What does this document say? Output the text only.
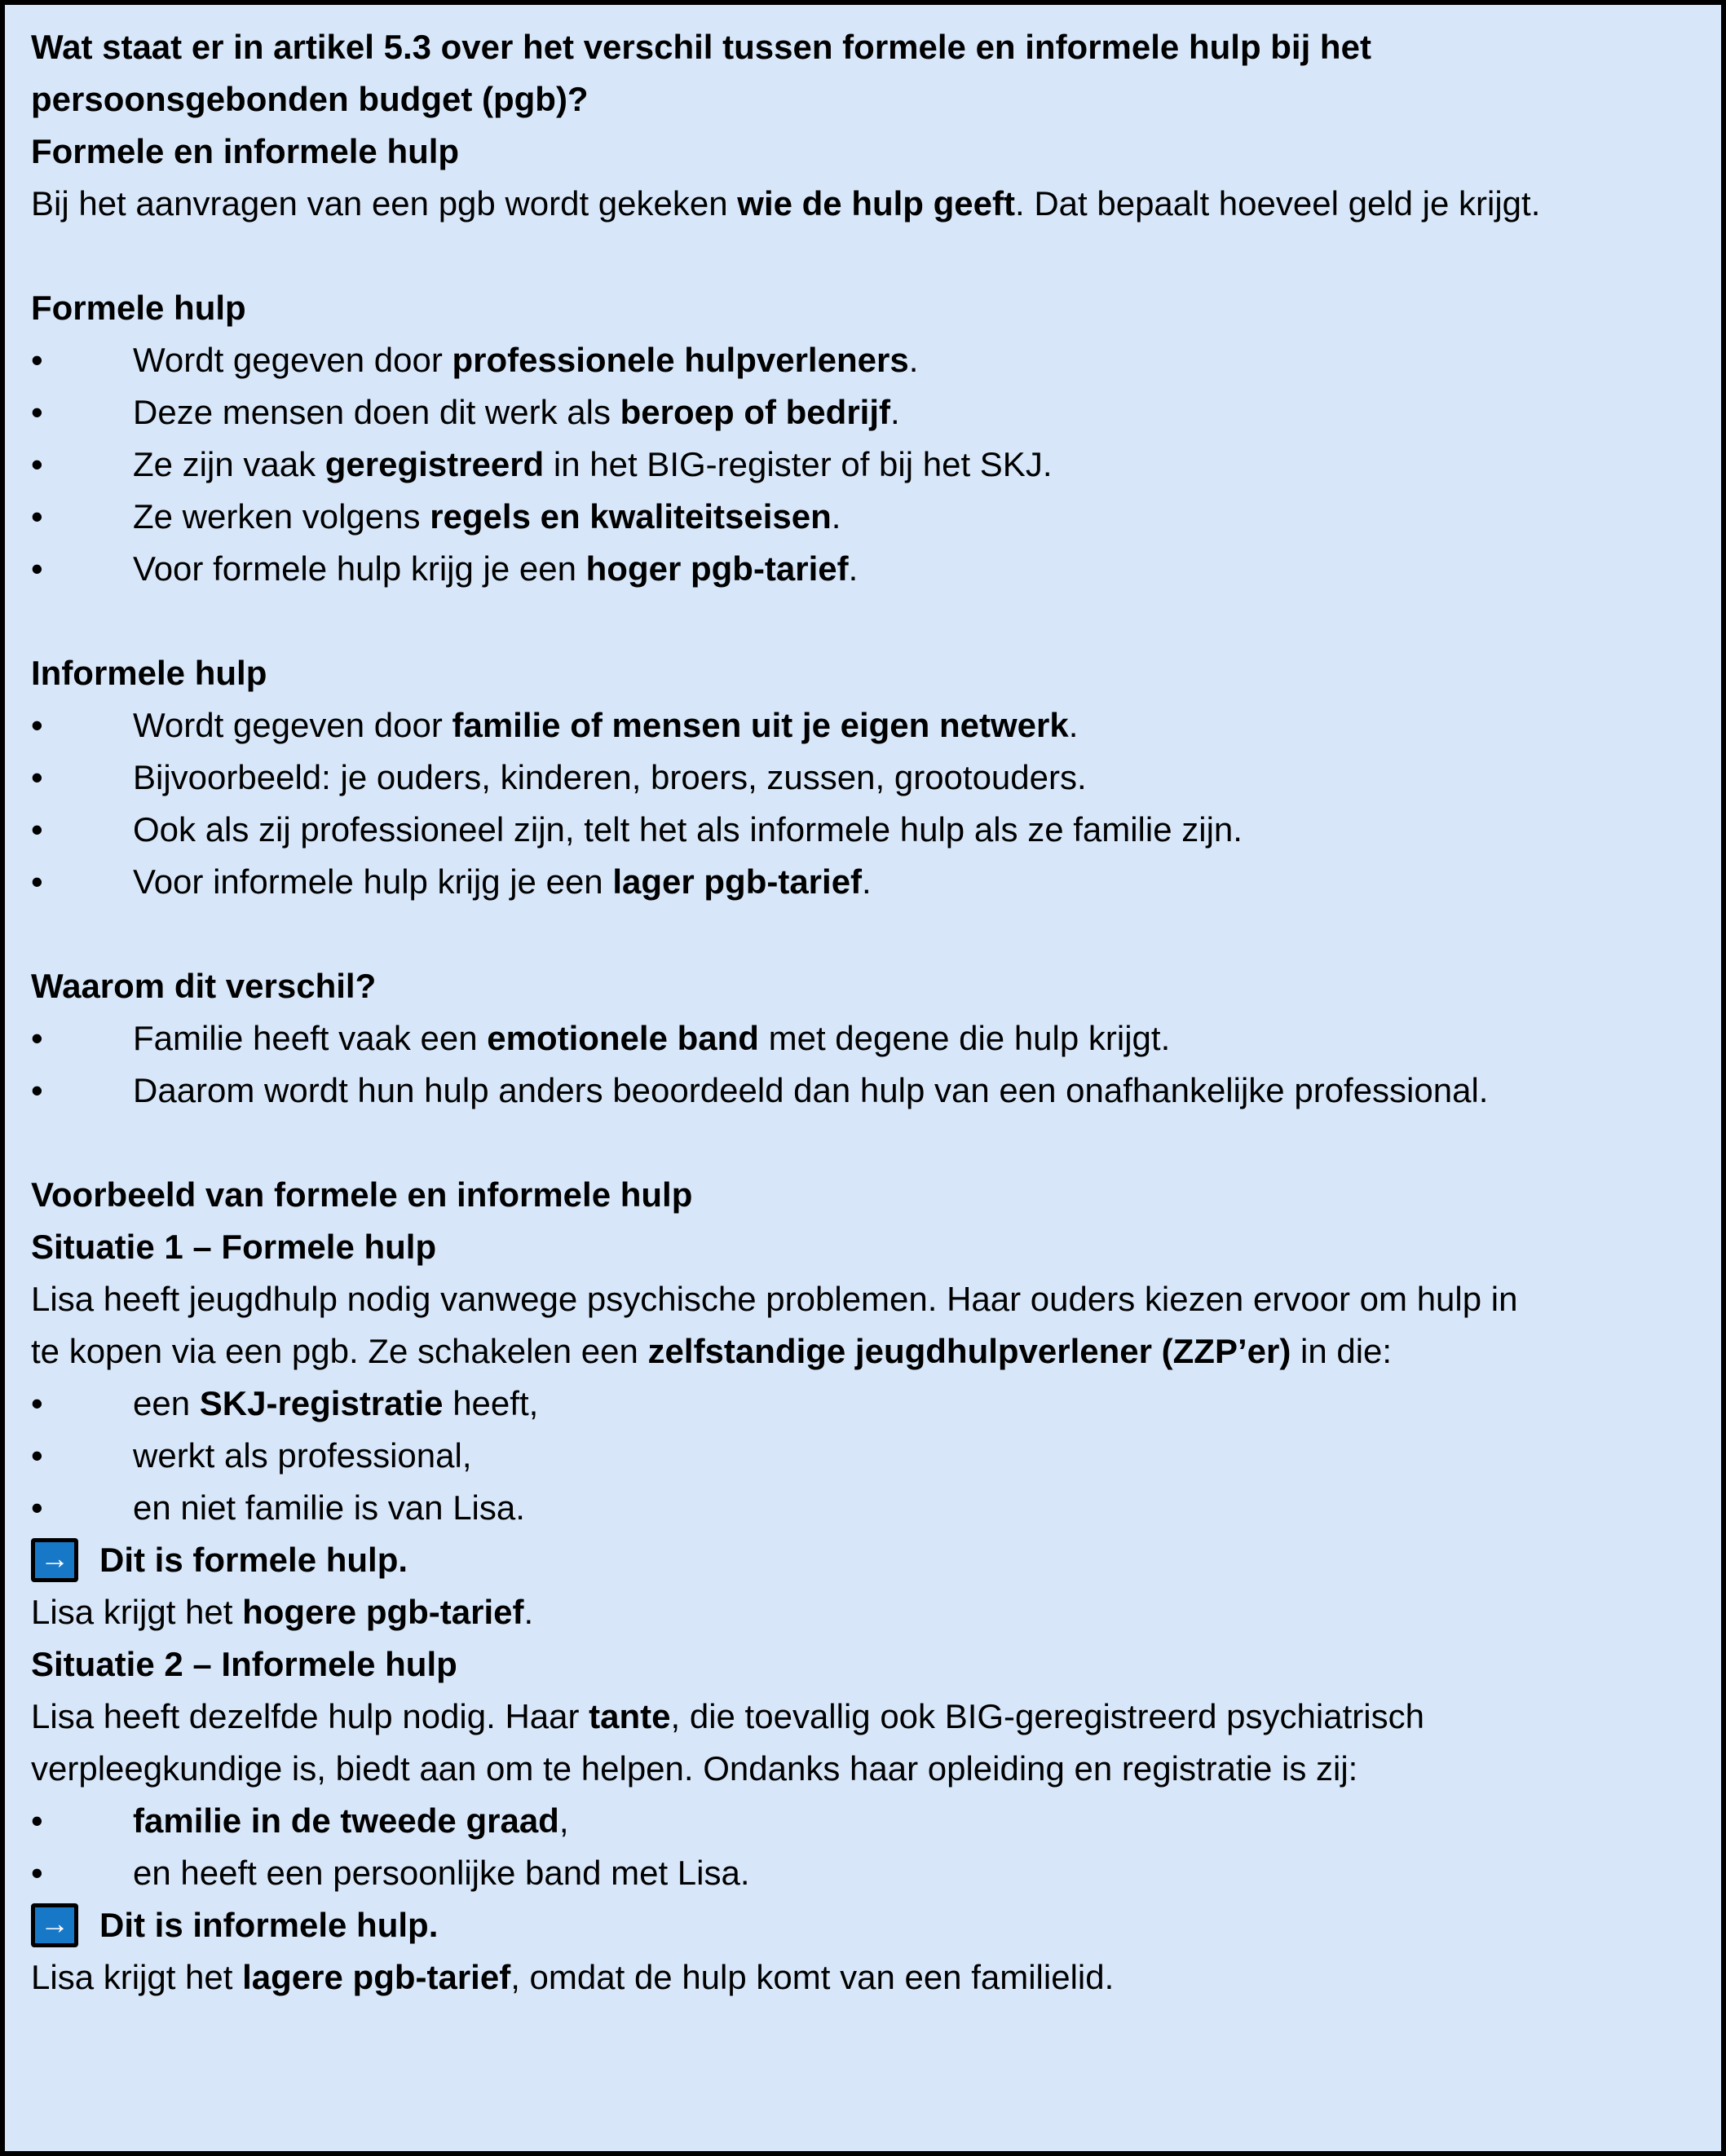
Wat staat er in artikel 5.3 over het verschil tussen formele en informele hulp bij het
persoonsgebonden budget (pgb)?
Formele en informele hulp
Bij het aanvragen van een pgb wordt gekeken wie de hulp geeft. Dat bepaalt hoeveel geld je krijgt.
Formele hulp
•	Wordt gegeven door professionele hulpverleners.
•	Deze mensen doen dit werk als beroep of bedrijf.
•	Ze zijn vaak geregistreerd in het BIG-register of bij het SKJ.
•	Ze werken volgens regels en kwaliteitseisen.
•	Voor formele hulp krijg je een hoger pgb-tarief.
Informele hulp
•	Wordt gegeven door familie of mensen uit je eigen netwerk.
•	Bijvoorbeeld: je ouders, kinderen, broers, zussen, grootouders.
•	Ook als zij professioneel zijn, telt het als informele hulp als ze familie zijn.
•	Voor informele hulp krijg je een lager pgb-tarief.
Waarom dit verschil?
•	Familie heeft vaak een emotionele band met degene die hulp krijgt.
•	Daarom wordt hun hulp anders beoordeeld dan hulp van een onafhankelijke professional.
Voorbeeld van formele en informele hulp
Situatie 1 – Formele hulp
Lisa heeft jeugdhulp nodig vanwege psychische problemen. Haar ouders kiezen ervoor om hulp in
te kopen via een pgb. Ze schakelen een zelfstandige jeugdhulpverlener (ZZP’er) in die:
•	een SKJ-registratie heeft,
•	werkt als professional,
•	en niet familie is van Lisa.
→ Dit is formele hulp.
Lisa krijgt het hogere pgb-tarief.
Situatie 2 – Informele hulp
Lisa heeft dezelfde hulp nodig. Haar tante, die toevallig ook BIG-geregistreerd psychiatrisch
verpleegkundige is, biedt aan om te helpen. Ondanks haar opleiding en registratie is zij:
•	familie in de tweede graad,
•	en heeft een persoonlijke band met Lisa.
→ Dit is informele hulp.
Lisa krijgt het lagere pgb-tarief, omdat de hulp komt van een familielid.
